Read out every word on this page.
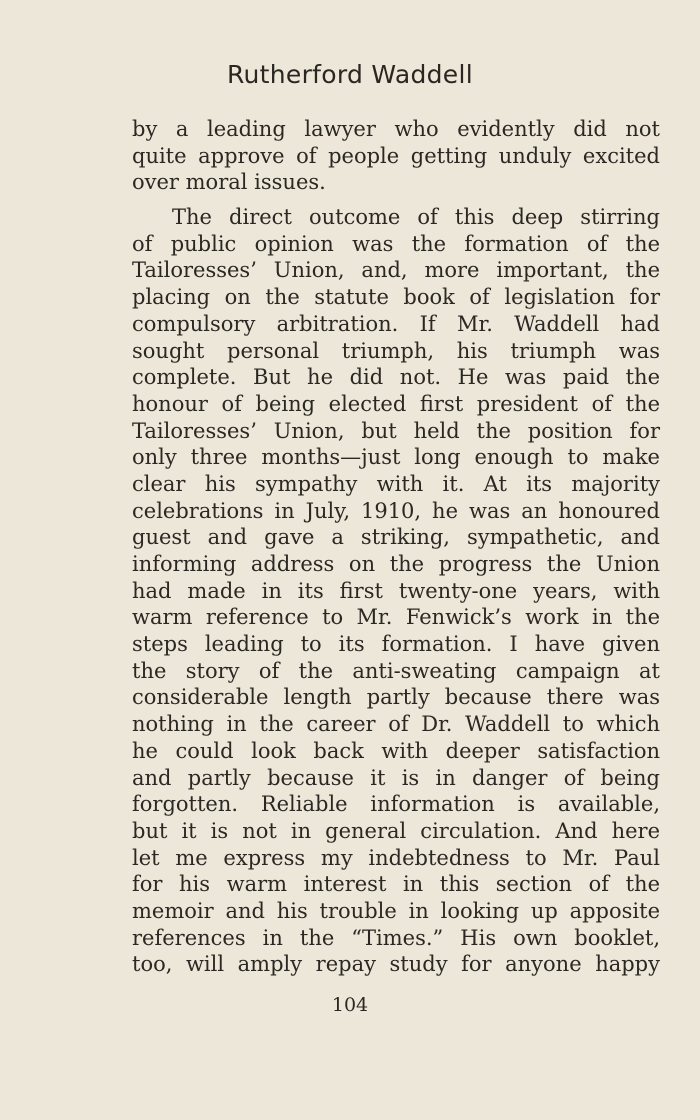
Rutherford Waddell
by a leading lawyer who evidently did not
quite approve of people getting unduly excited
over moral issues.
The direct outcome of this deep stirring
of public opinion was the formation of the
Tailoresses’ Union, and, more important, the
placing on the statute book of legislation for
compulsory arbitration. If Mr. Waddell had
sought personal triumph, his triumph was
complete. But he did not. He was paid the
honour of being elected first president of the
Tailoresses’ Union, but held the position for
only three months—just long enough to make
clear his sympathy with it. At its majority
celebrations in July, 1910, he was an honoured
guest and gave a striking, sympathetic, and
informing address on the progress the Union
had made in its first twenty-one years, with
warm reference to Mr. Fenwick’s work in the
steps leading to its formation. I have given
the story of the anti-sweating campaign at
considerable length partly because there was
nothing in the career of Dr. Waddell to which
he could look back with deeper satisfaction
and partly because it is in danger of being
forgotten. Reliable information is available,
but it is not in general circulation. And here
let me express my indebtedness to Mr. Paul
for his warm interest in this section of the
memoir and his trouble in looking up apposite
references in the “Times.” His own booklet,
too, will amply repay study for anyone happy
104
